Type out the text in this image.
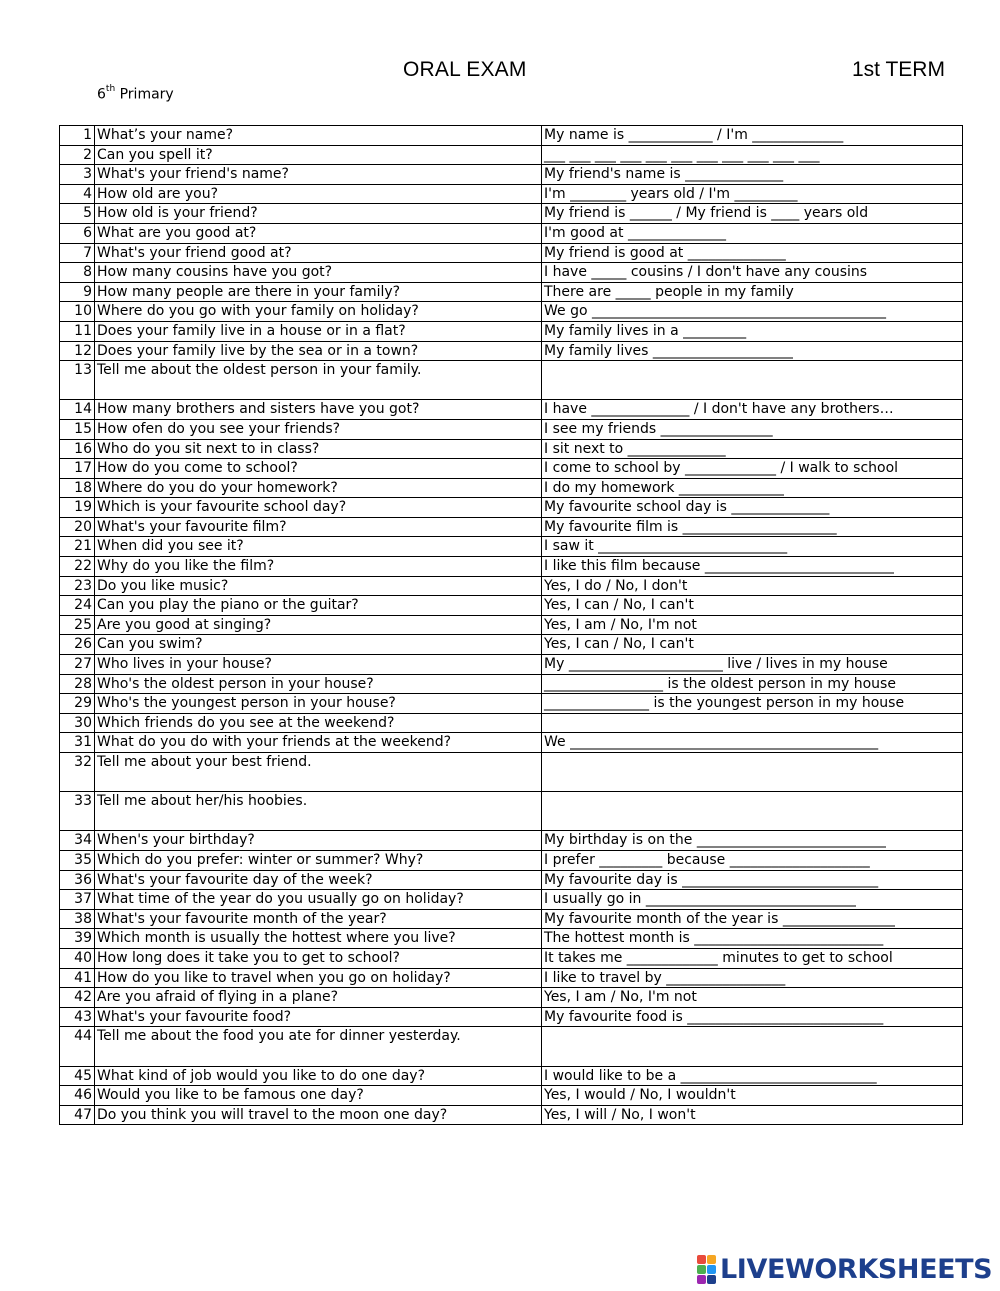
ORAL EXAM	1st TERM
6th Primary
1	What’s your name?	My name is ____________ / I'm _____________
2	Can you spell it?	___ ___ ___ ___ ___ ___ ___ ___ ___ ___ ___
3	What's your friend's name?	My friend's name is ______________
4	How old are you?	I'm ________ years old / I'm _________
5	How old is your friend?	My friend is ______ / My friend is ____ years old
6	What are you good at?	I'm good at ______________
7	What's your friend good at?	My friend is good at ______________
8	How many cousins have you got?	I have _____ cousins / I don't have any cousins
9	How many people are there in your family?	There are _____ people in my family
10	Where do you go with your family on holiday?	We go __________________________________________
11	Does your family live in a house or in a flat?	My family lives in a _________
12	Does your family live by the sea or in a town?	My family lives ____________________
13	Tell me about the oldest person in your family.	
14	How many brothers and sisters have you got?	I have ______________ / I don't have any brothers…
15	How ofen do you see your friends?	I see my friends ________________
16	Who do you sit next to in class?	I sit next to ______________
17	How do you come to school?	I come to school by _____________ / I walk to school
18	Where do you do your homework?	I do my homework _______________
19	Which is your favourite school day?	My favourite school day is ______________
20	What's your favourite film?	My favourite film is ______________________
21	When did you see it?	I saw it ___________________________
22	Why do you like the film?	I like this film because ___________________________
23	Do you like music?	Yes, I do / No, I don't
24	Can you play the piano or the guitar?	Yes, I can / No, I can't
25	Are you good at singing?	Yes, I am / No, I'm not
26	Can you swim?	Yes, I can / No, I can't
27	Who lives in your house?	My ______________________ live / lives in my house
28	Who's the oldest person in your house?	_________________ is the oldest person in my house
29	Who's the youngest person in your house?	_______________ is the youngest person in my house
30	Which friends do you see at the weekend?	
31	What do you do with your friends at the weekend?	We ____________________________________________
32	Tell me about your best friend.	
33	Tell me about her/his hoobies.	
34	When's your birthday?	My birthday is on the ___________________________
35	Which do you prefer: winter or summer? Why?	I prefer _________ because ____________________
36	What's your favourite day of the week?	My favourite day is ____________________________
37	What time of the year do you usually go on holiday?	I usually go in ______________________________
38	What's your favourite month of the year?	My favourite month of the year is ________________
39	Which month is usually the hottest where you live?	The hottest month is ___________________________
40	How long does it take you to get to school?	It takes me _____________ minutes to get to school
41	How do you like to travel when you go on holiday?	I like to travel by _________________
42	Are you afraid of flying in a plane?	Yes, I am / No, I'm not
43	What's your favourite food?	My favourite food is ____________________________
44	Tell me about the food you ate for dinner yesterday.	
45	What kind of job would you like to do one day?	I would like to be a ____________________________
46	Would you like to be famous one day?	Yes, I would / No, I wouldn't
47	Do you think you will travel to the moon one day?	Yes, I will / No, I won't
LIVEWORKSHEETS
